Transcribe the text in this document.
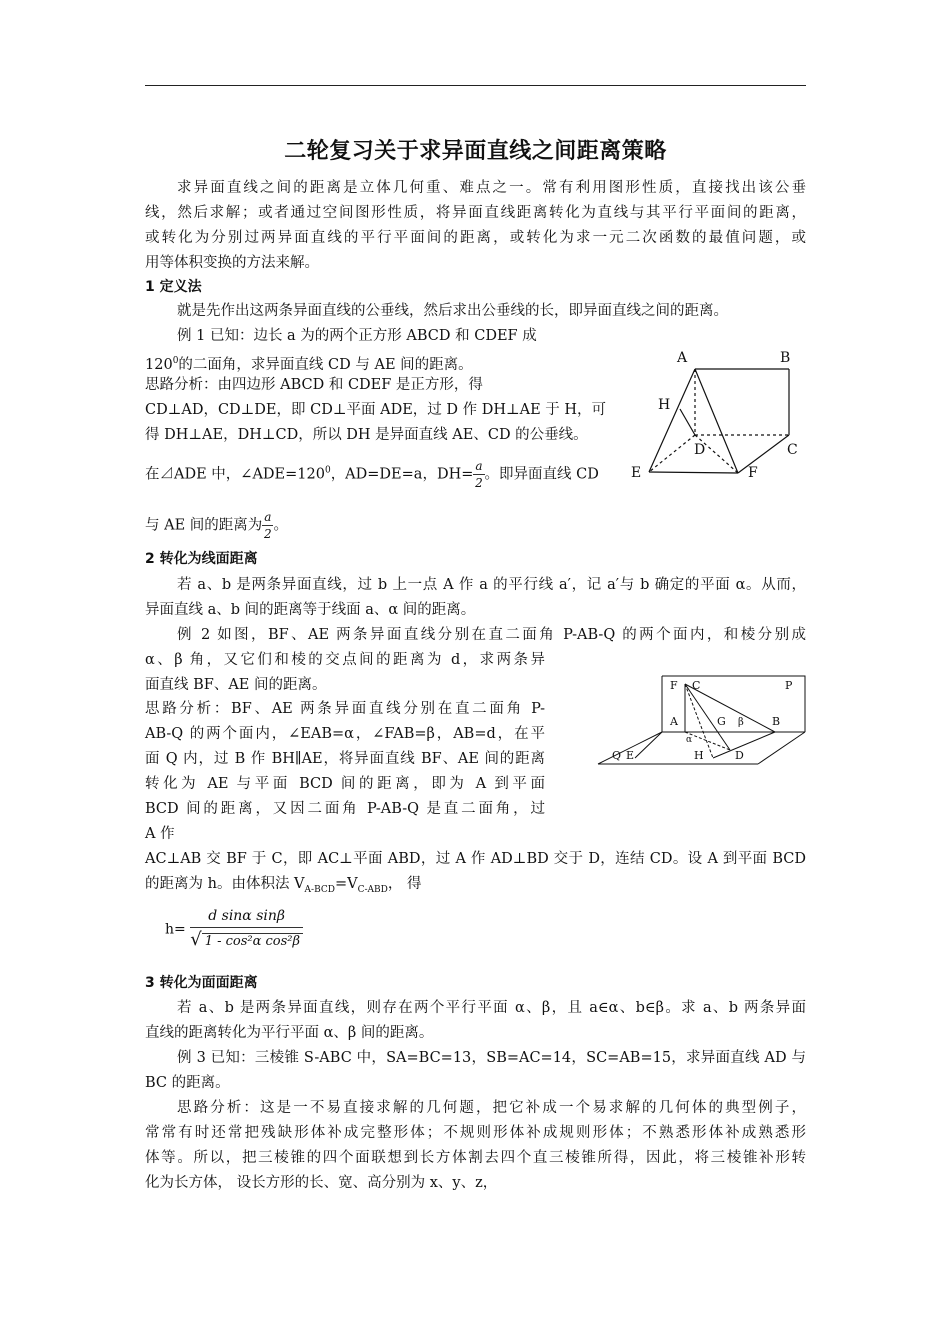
二轮复习关于求异面直线之间距离策略
求异面直线之间的距离是立体几何重、难点之一。常有利用图形性质，直接找出该公垂
线，然后求解；或者通过空间图形性质，将异面直线距离转化为直线与其平行平面间的距离，
或转化为分别过两异面直线的平行平面间的距离，或转化为求一元二次函数的最值问题，或
用等体积变换的方法来解。
1 定义法
就是先作出这两条异面直线的公垂线，然后求出公垂线的长，即异面直线之间的距离。
例 1 已知：边长 a 为的两个正方形 ABCD 和 CDEF 成
$120^0$的二面角，求异面直线 CD 与 AE 间的距离。
思路分析：由四边形 ABCD 和 CDEF 是正方形，得
CD⊥AD，CD⊥DE，即 CD⊥平面 ADE，过 D 作 DH⊥AE 于 H，可
得 DH⊥AE，DH⊥CD，所以 DH 是异面直线 AE、CD 的公垂线。
在⊿ADE 中，$\angle ADE=120^0$，AD=DE=a，$DH= \frac{a}{2}$ 。即异面直线 CD
与 AE 间的距离为 $\frac{a}{2}$ 。
A	B
H
D	C
E	F
2 转化为线面距离
若 a、b 是两条异面直线，过 b 上一点 A 作 a 的平行线 a′，记 a′与 b 确定的平面 α。从而，
异面直线 a、b 间的距离等于线面 a、α 间的距离。
例 2 如图，BF、AE 两条异面直线分别在直二面角 P-AB-Q 的两个面内，和棱分别成
α、β 角，又它们和棱的交点间的距离为 d，求两条异
面直线 BF、AE 间的距离。
思路分析：BF、AE 两条异面直线分别在直二面角 P-
AB-Q 的两个面内，∠EAB=α，∠FAB=β，AB=d，在平
面 Q 内，过 B 作 BH∥AE，将异面直线 BF、AE 间的距离
转化为 AE 与平面 BCD 间的距离，即为 A 到平面
BCD 间的距离，又因二面角 P-AB-Q 是直二面角，过
A 作
AC⊥AB 交 BF 于 C，即 AC⊥平面 ABD，过 A 作 AD⊥BD 交于 D，连结 CD。设 A 到平面 BCD
的距离为 h。由体积法 $V_{A-BCD}=V_{C-ABD}$， 得
$h= \frac{\text{d sinα sinβ}}{\text{√ 1 - cos²α cos²β}}$
F C	P
A	G β	B
α
Q E	H	D
3 转化为面面距离
若 a、b 是两条异面直线，则存在两个平行平面 α、β，且 a∈α、b∈β。求 a、b 两条异面
直线的距离转化为平行平面 α、β 间的距离。
例 3 已知：三棱锥 S-ABC 中，SA=BC=13，SB=AC=14，SC=AB=15，求异面直线 AD 与
BC 的距离。
思路分析：这是一不易直接求解的几何题，把它补成一个易求解的几何体的典型例子，
常常有时还常把残缺形体补成完整形体；不规则形体补成规则形体；不熟悉形体补成熟悉形
体等。所以，把三棱锥的四个面联想到长方体割去四个直三棱锥所得，因此，将三棱锥补形转
化为长方体， 设长方形的长、宽、高分别为 x、y、z，
